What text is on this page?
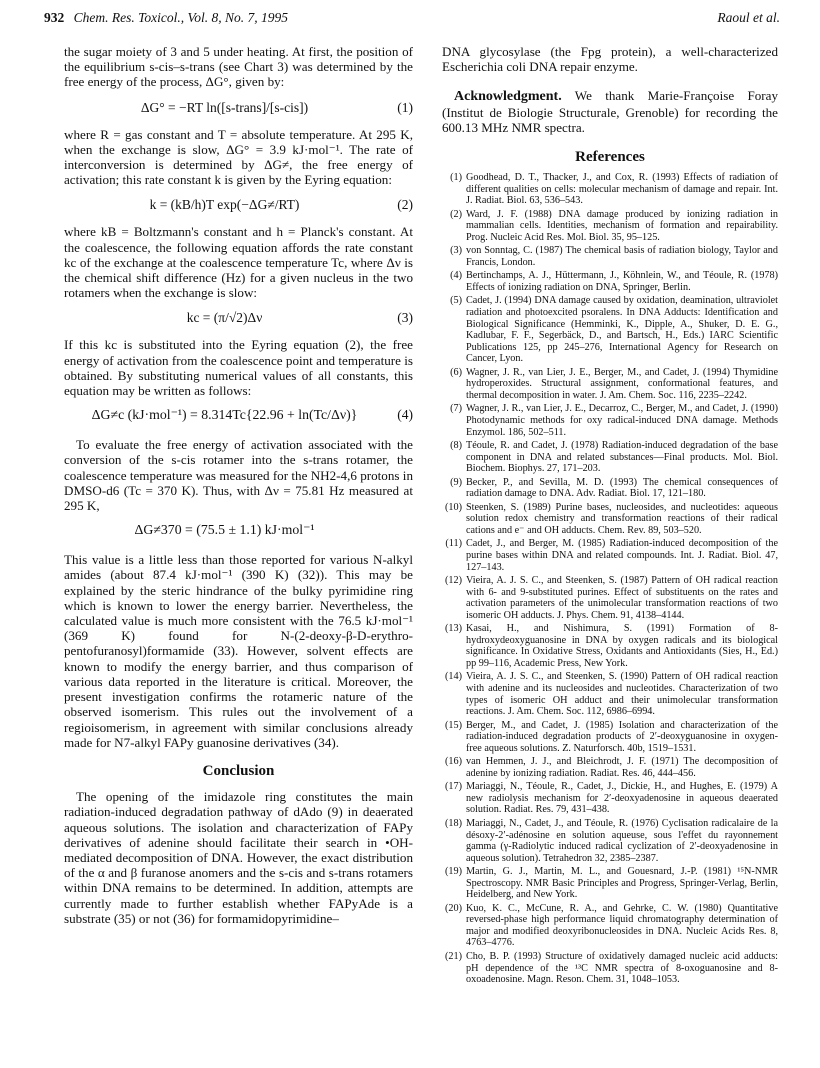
932 Chem. Res. Toxicol., Vol. 8, No. 7, 1995	Raoul et al.

the sugar moiety of 3 and 5 under heating. At first, the position of the equilibrium s-cis–s-trans (see Chart 3) was determined by the free energy of the process, ΔG°, given by:

ΔG° = −RT ln([s-trans]/[s-cis])	(1)

where R = gas constant and T = absolute temperature. At 295 K, when the exchange is slow, ΔG° = 3.9 kJ·mol⁻¹. The rate of interconversion is determined by ΔG≠, the free energy of activation; this rate constant k is given by the Eyring equation:

k = (kB/h)T exp(−ΔG≠/RT)	(2)

where kB = Boltzmann's constant and h = Planck's constant. At the coalescence, the following equation affords the rate constant kc of the exchange at the coalescence temperature Tc, where Δν is the chemical shift difference (Hz) for a given nucleus in the two rotamers when the exchange is slow:

kc = (π/√2)Δν	(3)

If this kc is substituted into the Eyring equation (2), the free energy of activation from the coalescence point and temperature is obtained. By substituting numerical values of all constants, this equation may be written as follows:

ΔG≠c (kJ·mol⁻¹) = 8.314Tc{22.96 + ln(Tc/Δν)}	(4)

To evaluate the free energy of activation associated with the conversion of the s-cis rotamer into the s-trans rotamer, the coalescence temperature was measured for the NH2-4,6 protons in DMSO-d6 (Tc = 370 K). Thus, with Δν = 75.81 Hz measured at 295 K,

ΔG≠370 = (75.5 ± 1.1) kJ·mol⁻¹

This value is a little less than those reported for various N-alkyl amides (about 87.4 kJ·mol⁻¹ (390 K) (32)). This may be explained by the steric hindrance of the bulky pyrimidine ring which is known to lower the energy barrier. Nevertheless, the calculated value is much more consistent with the 76.5 kJ·mol⁻¹ (369 K) found for N-(2-deoxy-β-D-erythro-pentofuranosyl)formamide (33). However, solvent effects are known to modify the energy barrier, and thus comparison of various data reported in the literature is critical. Moreover, the present investigation confirms the rotameric nature of the observed isomerism. This rules out the involvement of a regioisomerism, in agreement with similar conclusions already made for N7-alkyl FAPy guanosine derivatives (34).

Conclusion

The opening of the imidazole ring constitutes the main radiation-induced degradation pathway of dAdo (9) in deaerated aqueous solutions. The isolation and characterization of FAPy derivatives of adenine should facilitate their search in •OH-mediated decomposition of DNA. However, the exact distribution of the α and β furanose anomers and the s-cis and s-trans rotamers within DNA remains to be determined. In addition, attempts are currently made to further establish whether FAPyAde is a substrate (35) or not (36) for formamidopyrimidine–

DNA glycosylase (the Fpg protein), a well-characterized Escherichia coli DNA repair enzyme.

Acknowledgment. We thank Marie-Françoise Foray (Institut de Biologie Structurale, Grenoble) for recording the 600.13 MHz NMR spectra.

References
(1) Goodhead, D. T., Thacker, J., and Cox, R. (1993) Effects of radiation of different qualities on cells: molecular mechanism of damage and repair. Int. J. Radiat. Biol. 63, 536–543.
(2) Ward, J. F. (1988) DNA damage produced by ionizing radiation in mammalian cells. Identities, mechanism of formation and repairability. Prog. Nucleic Acid Res. Mol. Biol. 35, 95–125.
(3) von Sonntag, C. (1987) The chemical basis of radiation biology, Taylor and Francis, London.
(4) Bertinchamps, A. J., Hüttermann, J., Köhnlein, W., and Téoule, R. (1978) Effects of ionizing radiation on DNA, Springer, Berlin.
(5) Cadet, J. (1994) DNA damage caused by oxidation, deamination, ultraviolet radiation and photoexcited psoralens. In DNA Adducts: Identification and Biological Significance (Hemminki, K., Dipple, A., Shuker, D. E. G., Kadlubar, F. F., Segerbäck, D., and Bartsch, H., Eds.) IARC Scientific Publications 125, pp 245–276, International Agency for Research on Cancer, Lyon.
(6) Wagner, J. R., van Lier, J. E., Berger, M., and Cadet, J. (1994) Thymidine hydroperoxides. Structural assignment, conformational features, and thermal decomposition in water. J. Am. Chem. Soc. 116, 2235–2242.
(7) Wagner, J. R., van Lier, J. E., Decarroz, C., Berger, M., and Cadet, J. (1990) Photodynamic methods for oxy radical-induced DNA damage. Methods Enzymol. 186, 502–511.
(8) Téoule, R. and Cadet, J. (1978) Radiation-induced degradation of the base component in DNA and related substances—Final products. Mol. Biol. Biochem. Biophys. 27, 171–203.
(9) Becker, P., and Sevilla, M. D. (1993) The chemical consequences of radiation damage to DNA. Adv. Radiat. Biol. 17, 121–180.
(10) Steenken, S. (1989) Purine bases, nucleosides, and nucleotides: aqueous solution redox chemistry and transformation reactions of their radical cations and e⁻ and OH adducts. Chem. Rev. 89, 503–520.
(11) Cadet, J., and Berger, M. (1985) Radiation-induced decomposition of the purine bases within DNA and related compounds. Int. J. Radiat. Biol. 47, 127–143.
(12) Vieira, A. J. S. C., and Steenken, S. (1987) Pattern of OH radical reaction with 6- and 9-substituted purines. Effect of substituents on the rates and activation parameters of the unimolecular transformation reactions of two isomeric OH adducts. J. Phys. Chem. 91, 4138–4144.
(13) Kasai, H., and Nishimura, S. (1991) Formation of 8-hydroxydeoxyguanosine in DNA by oxygen radicals and its biological significance. In Oxidative Stress, Oxidants and Antioxidants (Sies, H., Ed.) pp 99–116, Academic Press, New York.
(14) Vieira, A. J. S. C., and Steenken, S. (1990) Pattern of OH radical reaction with adenine and its nucleosides and nucleotides. Characterization of two types of isomeric OH adduct and their unimolecular transformation reactions. J. Am. Chem. Soc. 112, 6986–6994.
(15) Berger, M., and Cadet, J. (1985) Isolation and characterization of the radiation-induced degradation products of 2′-deoxyguanosine in oxygen-free aqueous solutions. Z. Naturforsch. 40b, 1519–1531.
(16) van Hemmen, J. J., and Bleichrodt, J. F. (1971) The decomposition of adenine by ionizing radiation. Radiat. Res. 46, 444–456.
(17) Mariaggi, N., Téoule, R., Cadet, J., Dickie, H., and Hughes, E. (1979) A new radiolysis mechanism for 2′-deoxyadenosine in aqueous deaerated solution. Radiat. Res. 79, 431–438.
(18) Mariaggi, N., Cadet, J., and Téoule, R. (1976) Cyclisation radicalaire de la désoxy-2′-adénosine en solution aqueuse, sous l'effet du rayonnement gamma (γ-Radiolytic induced radical cyclization of 2′-deoxyadenosine in aqueous solution). Tetrahedron 32, 2385–2387.
(19) Martin, G. J., Martin, M. L., and Gouesnard, J.-P. (1981) ¹⁵N-NMR Spectroscopy. NMR Basic Principles and Progress, Springer-Verlag, Berlin, Heidelberg, and New York.
(20) Kuo, K. C., McCune, R. A., and Gehrke, C. W. (1980) Quantitative reversed-phase high performance liquid chromatography determination of major and modified deoxyribonucleosides in DNA. Nucleic Acids Res. 8, 4763–4776.
(21) Cho, B. P. (1993) Structure of oxidatively damaged nucleic acid adducts: pH dependence of the ¹³C NMR spectra of 8-oxoguanosine and 8-oxoadenosine. Magn. Reson. Chem. 31, 1048–1053.
